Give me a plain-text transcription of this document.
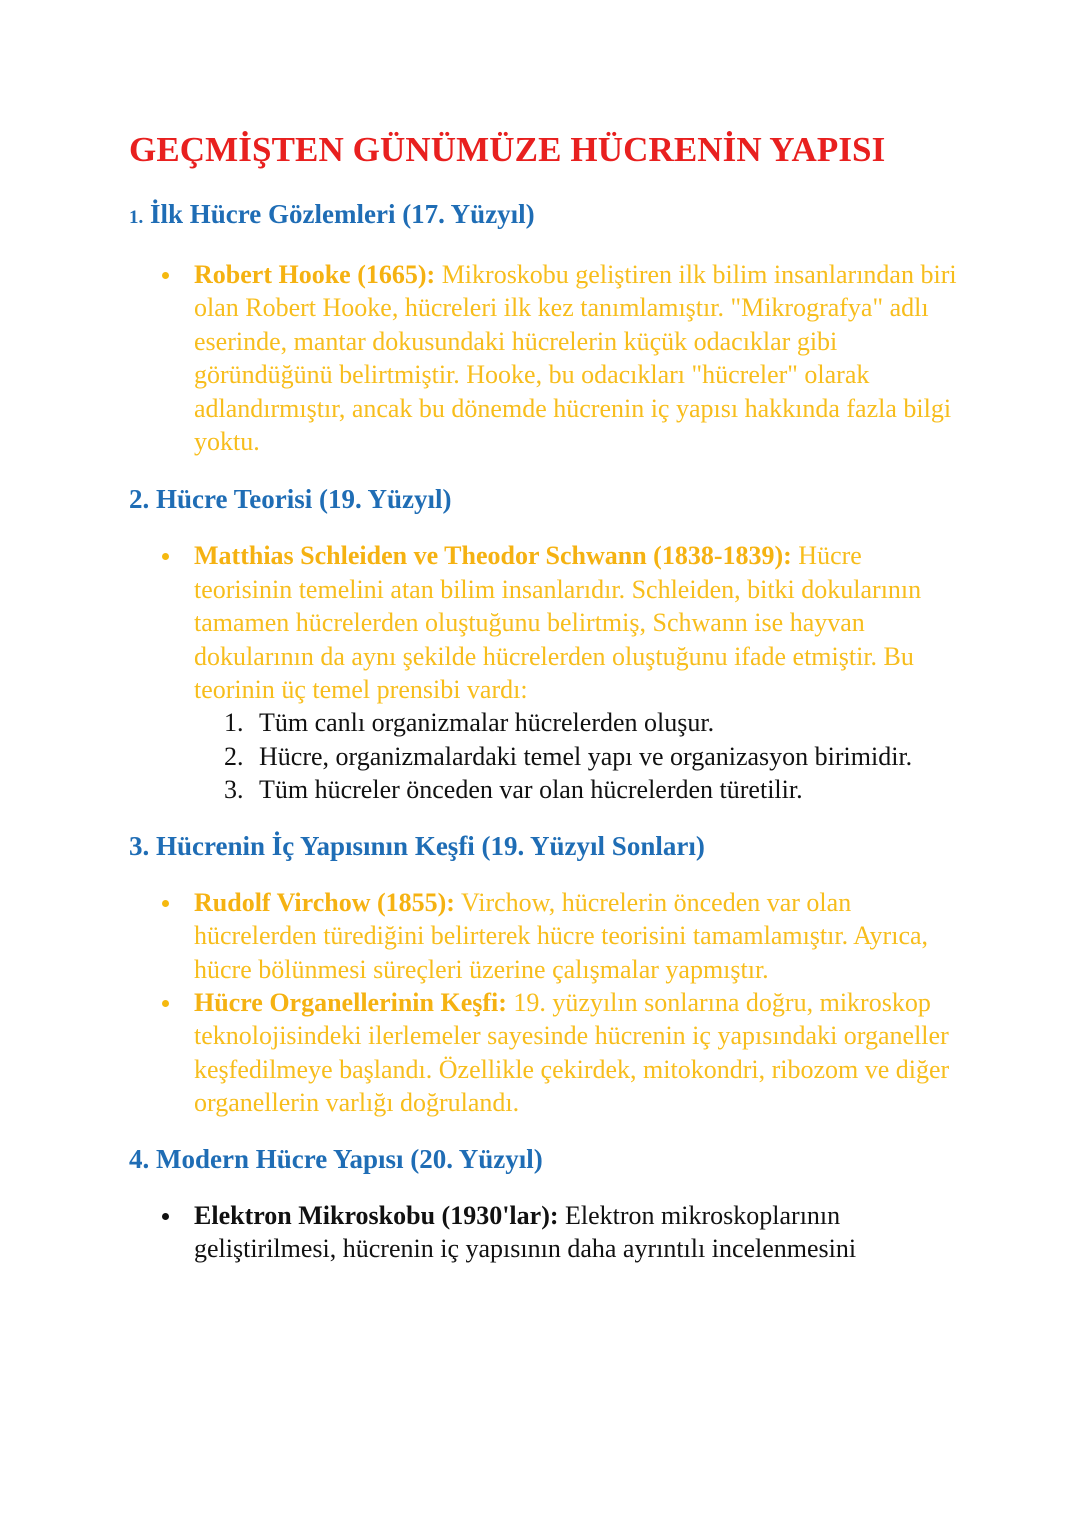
GEÇMİŞTEN GÜNÜMÜZE HÜCRENİN YAPISI
1. İlk Hücre Gözlemleri (17. Yüzyıl)
Robert Hooke (1665): Mikroskobu geliştiren ilk bilim insanlarından biri olan Robert Hooke, hücreleri ilk kez tanımlamıştır. "Mikrografya" adlı eserinde, mantar dokusundaki hücrelerin küçük odacıklar gibi göründüğünü belirtmiştir. Hooke, bu odacıkları "hücreler" olarak adlandırmıştır, ancak bu dönemde hücrenin iç yapısı hakkında fazla bilgi yoktu.
2. Hücre Teorisi (19. Yüzyıl)
Matthias Schleiden ve Theodor Schwann (1838-1839): Hücre teorisinin temelini atan bilim insanlarıdır. Schleiden, bitki dokularının tamamen hücrelerden oluştuğunu belirtmiş, Schwann ise hayvan dokularının da aynı şekilde hücrelerden oluştuğunu ifade etmiştir. Bu teorinin üç temel prensibi vardı:
1. Tüm canlı organizmalar hücrelerden oluşur.
2. Hücre, organizmalardaki temel yapı ve organizasyon birimidir.
3. Tüm hücreler önceden var olan hücrelerden türetilir.
3. Hücrenin İç Yapısının Keşfi (19. Yüzyıl Sonları)
Rudolf Virchow (1855): Virchow, hücrelerin önceden var olan hücrelerden türediğini belirterek hücre teorisini tamamlamıştır. Ayrıca, hücre bölünmesi süreçleri üzerine çalışmalar yapmıştır.
Hücre Organellerinin Keşfi: 19. yüzyılın sonlarına doğru, mikroskop teknolojisindeki ilerlemeler sayesinde hücrenin iç yapısındaki organeller keşfedilmeye başlandı. Özellikle çekirdek, mitokondri, ribozom ve diğer organellerin varlığı doğrulandı.
4. Modern Hücre Yapısı (20. Yüzyıl)
Elektron Mikroskobu (1930'lar): Elektron mikroskoplarının geliştirilmesi, hücrenin iç yapısının daha ayrıntılı incelenmesini
